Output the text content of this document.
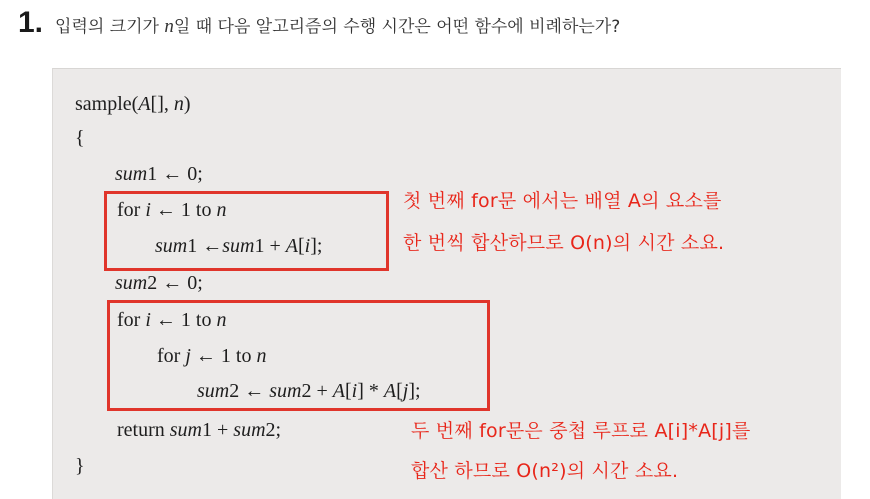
1. 입력의 크기가 n일 때 다음 알고리즘의 수행 시간은 어떤 함수에 비례하는가?
sample(A[], n)
{
sum1 ← 0;
for i ← 1 to n
sum1 ←sum1 + A[i];
sum2 ← 0;
for i ← 1 to n
for j ← 1 to n
sum2 ← sum2 + A[i] * A[j];
return sum1 + sum2;
}
첫 번째 for문 에서는 배열 A의 요소를
한 번씩 합산하므로 O(n)의 시간 소요.
두 번째 for문은 중첩 루프로 A[i]*A[j]를
합산 하므로 O(n²)의 시간 소요.
